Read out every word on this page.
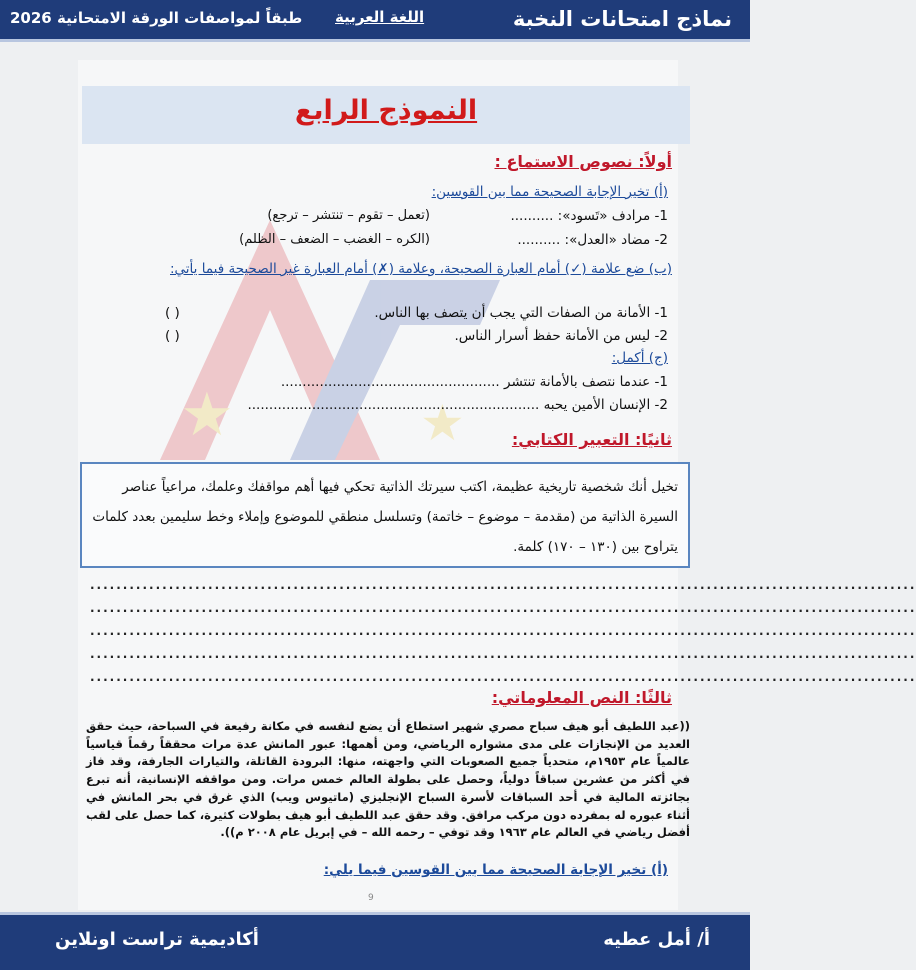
نماذج امتحانات النخبة
اللغة العربية
طبقاً لمواصفات الورقة الامتحانية 2026
★	★
النموذج الرابع
أولاً: نصوص الاستماع :
(أ) تخير الإجابة الصحيحة مما بين القوسين:
1- مرادف «تَسود»: ..........
(تعمل – تقوم – تنتشر – ترجع)
2- مضاد «العدل»: ..........
(الكره – الغضب – الضعف – الظلم)
(ب) ضع علامة (✓) أمام العبارة الصحيحة، وعلامة (✗) أمام العبارة غير الصحيحة فيما يأتي:
1- الأمانة من الصفات التي يجب أن يتصف بها الناس.
( )
2- ليس من الأمانة حفظ أسرار الناس.
( )
(ج) أكمل:
1- عندما نتصف بالأمانة تنتشر ...................................................
2- الإنسان الأمين يحبه ....................................................................
ثانيًا: التعبير الكتابي:
تخيل أنك شخصية تاريخية عظيمة، اكتب سيرتك الذاتية تحكي فيها أهم مواقفك وعلمك، مراعياً عناصر السيرة الذاتية من (مقدمة – موضوع – خاتمة) وتسلسل منطقي للموضوع وإملاء وخط سليمين بعدد كلمات يتراوح بين (١٣٠ – ١٧٠) كلمة.
..............................................................................................................................
..............................................................................................................................
..............................................................................................................................
..............................................................................................................................
..............................................................................................................................
ثالثًا: النص المعلوماتي:
((عبد اللطيف أبو هيف سباح مصري شهير استطاع أن يضع لنفسه في مكانة رفيعة في السباحة، حيث حقق العديد من الإنجازات على مدى مشواره الرياضي، ومن أهمها: عبور المانش عدة مرات محققاً رقماً قياسياً عالمياً عام ١٩٥٣م، متحدياً جميع الصعوبات التي واجهته، منها: البرودة القاتلة، والتيارات الجارفة، وقد فاز في أكثر من عشرين سباقاً دولياً، وحصل على بطولة العالم خمس مرات. ومن مواقفه الإنسانية، أنه تبرع بجائزته المالية في أحد السباقات لأسرة السباح الإنجليزي (ماتيوس ويب) الذي غرق في بحر المانش في أثناء عبوره له بمفرده دون مركب مرافق. وقد حقق عبد اللطيف أبو هيف بطولات كثيرة، كما حصل على لقب أفضل رياضي في العالم عام ١٩٦٣ وقد توفي – رحمه الله – في إبريل عام ٢٠٠٨ م)).
(أ) تخير الإجابة الصحيحة مما بين القوسين فيما يلي:
9
أ/ أمل عطيه
أكاديمية تراست اونلاين
